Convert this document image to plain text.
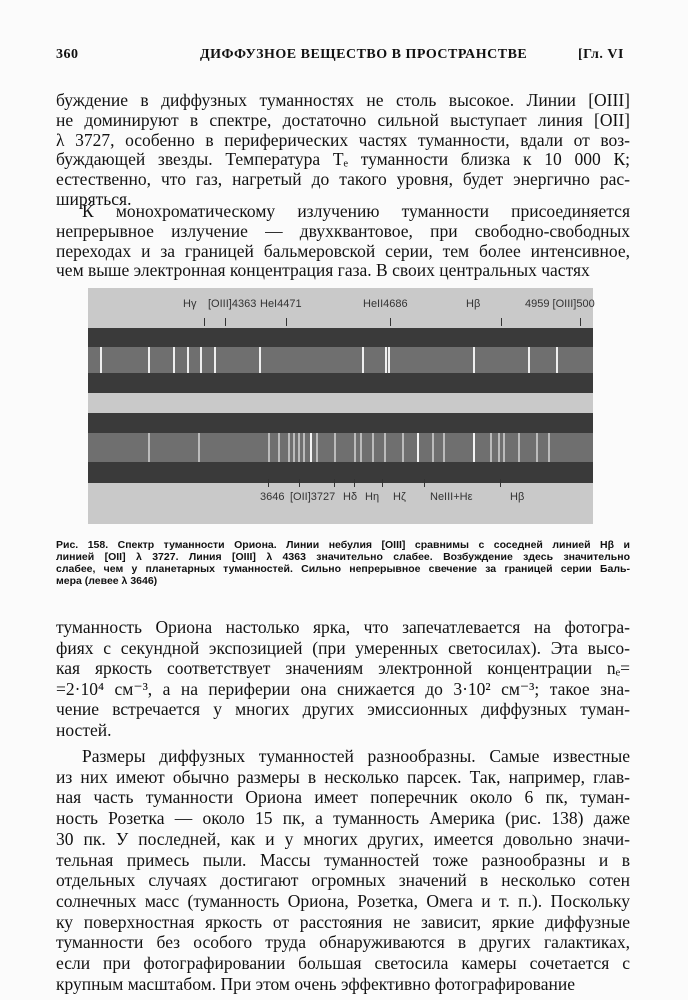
360	ДИФФУЗНОЕ ВЕЩЕСТВО В ПРОСТРАНСТВЕ	[Гл. VI
Hγ [OIII]4363 HeI4471	HeII4686	Hβ	4959 [OIII]500
3646 [OII]3727 Hδ Hη Hζ NeIII+Hε	Hβ
буждение в диффузных туманностях не столь высокое. Линии [OIII]
не доминируют в спектре, достаточно сильной выступает линия [OII]
λ 3727, особенно в периферических частях туманности, вдали от воз-
буждающей звезды. Температура Tₑ туманности близка к 10 000 К;
естественно, что газ, нагретый до такого уровня, будет энергично рас-
ширяться.
К монохроматическому излучению туманности присоединяется
непрерывное излучение — двухквантовое, при свободно-свободных
переходах и за границей бальмеровской серии, тем более интенсивное,
чем выше электронная концентрация газа. В своих центральных частях
туманность Ориона настолько ярка, что запечатлевается на фотогра-
фиях с секундной экспозицией (при умеренных светосилах). Эта высо-
кая яркость соответствует значениям электронной концентрации nₑ=
=2·10⁴ см⁻³, а на периферии она снижается до 3·10² см⁻³; такое зна-
чение встречается у многих других эмиссионных диффузных туман-
ностей.
Размеры диффузных туманностей разнообразны. Самые известные
из них имеют обычно размеры в несколько парсек. Так, например, глав-
ная часть туманности Ориона имеет поперечник около 6 пк, туман-
ность Розетка — около 15 пк, а туманность Америка (рис. 138) даже
30 пк. У последней, как и у многих других, имеется довольно значи-
тельная примесь пыли. Массы туманностей тоже разнообразны и в
отдельных случаях достигают огромных значений в несколько сотен
солнечных масс (туманность Ориона, Розетка, Омега и т. п.). Поскольку
ку поверхностная яркость от расстояния не зависит, яркие диффузные
туманности без особого труда обнаруживаются в других галактиках,
если при фотографировании большая светосила камеры сочетается с
крупным масштабом. При этом очень эффективно фотографирование
Рис. 158. Спектр туманности Ориона. Линии небулия [OIII] сравнимы с соседней линией Hβ и
линией [OII] λ 3727. Линия [OIII] λ 4363 значительно слабее. Возбуждение здесь значительно
слабее, чем у планетарных туманностей. Сильно непрерывное свечение за границей серии Баль-
мера (левее λ 3646)
